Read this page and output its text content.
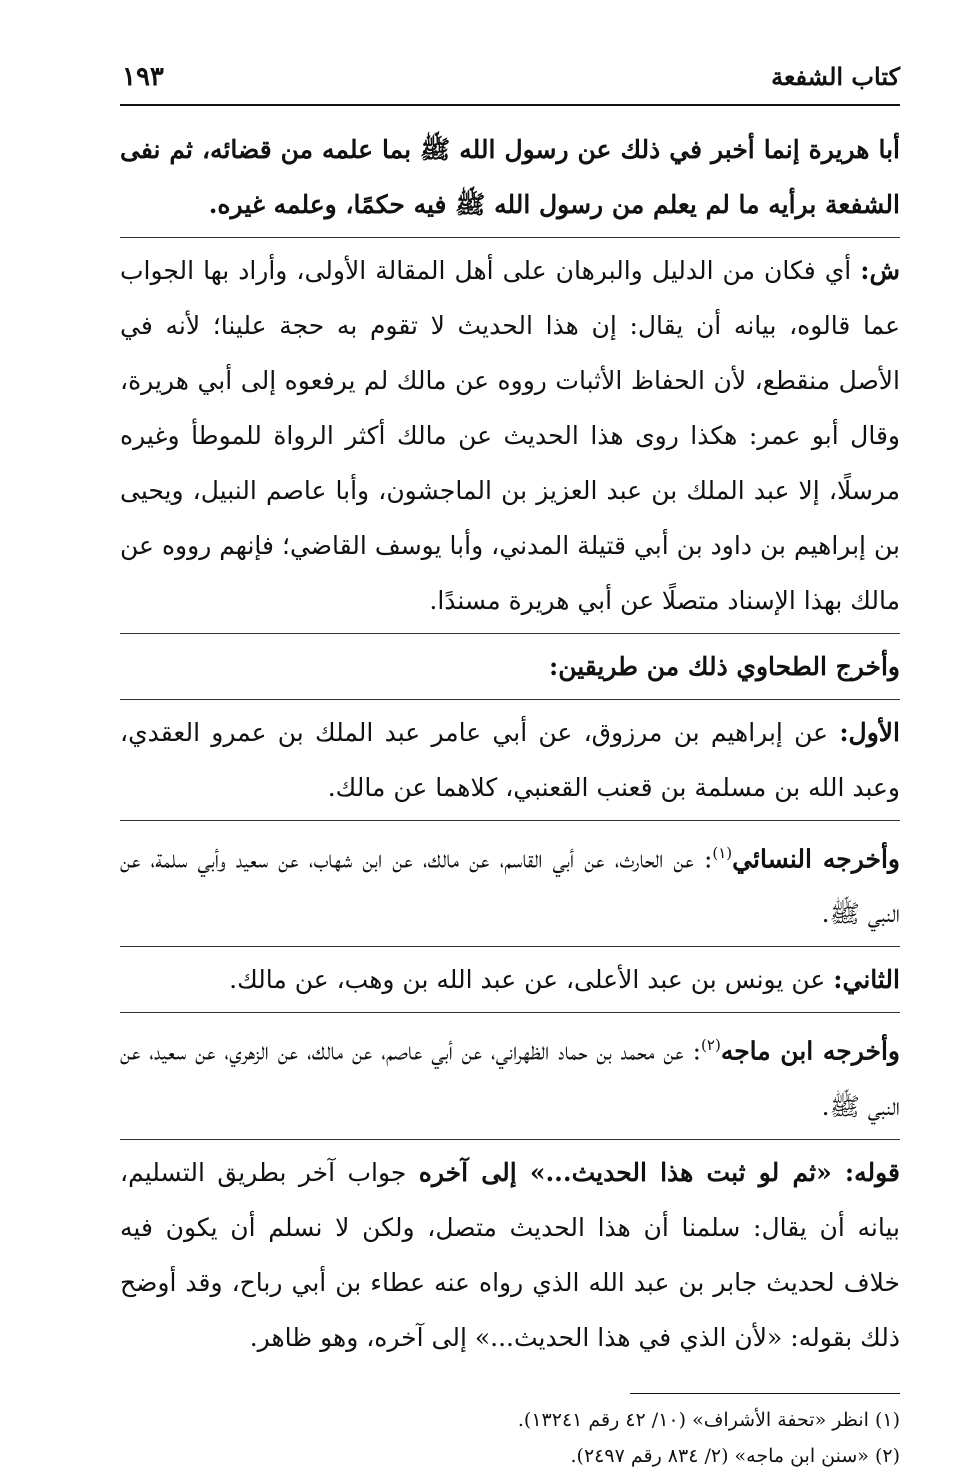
كتاب الشفعة
١٩٣

أبا هريرة إنما أخبر في ذلك عن رسول الله ﷺ بما علمه من قضائه، ثم نفى الشفعة برأيه ما لم يعلم من رسول الله ﷺ فيه حكمًا، وعلمه غيره.

ش: أي فكان من الدليل والبرهان على أهل المقالة الأولى، وأراد بها الجواب عما قالوه، بيانه أن يقال: إن هذا الحديث لا تقوم به حجة علينا؛ لأنه في الأصل منقطع، لأن الحفاظ الأثبات رووه عن مالك لم يرفعوه إلى أبي هريرة، وقال أبو عمر: هكذا روى هذا الحديث عن مالك أكثر الرواة للموطأ وغيره مرسلًا، إلا عبد الملك بن عبد العزيز بن الماجشون، وأبا عاصم النبيل، ويحيى بن إبراهيم بن داود بن أبي قتيلة المدني، وأبا يوسف القاضي؛ فإنهم رووه عن مالك بهذا الإسناد متصلًا عن أبي هريرة مسندًا.

وأخرج الطحاوي ذلك من طريقين:

الأول: عن إبراهيم بن مرزوق، عن أبي عامر عبد الملك بن عمرو العقدي، وعبد الله بن مسلمة بن قعنب القعنبي، كلاهما عن مالك.

وأخرجه النسائي$^{(١)}$: عن الحارث، عن أبي القاسم، عن مالك، عن ابن شهاب، عن سعيد وأبي سلمة، عن النبي ﷺ.

الثاني: عن يونس بن عبد الأعلى، عن عبد الله بن وهب، عن مالك.

وأخرجه ابن ماجه$^{(٢)}$: عن محمد بن حماد الظهراني، عن أبي عاصم، عن مالك، عن الزهري، عن سعيد، عن النبي ﷺ.

قوله: «ثم لو ثبت هذا الحديث...» إلى آخره جواب آخر بطريق التسليم، بيانه أن يقال: سلمنا أن هذا الحديث متصل، ولكن لا نسلم أن يكون فيه خلاف لحديث جابر بن عبد الله الذي رواه عنه عطاء بن أبي رباح، وقد أوضح ذلك بقوله: «لأن الذي في هذا الحديث...» إلى آخره، وهو ظاهر.

(١) انظر «تحفة الأشراف» (١٠/ ٤٢ رقم ١٣٢٤١).
(٢) «سنن ابن ماجه» (٢/ ٨٣٤ رقم ٢٤٩٧).
